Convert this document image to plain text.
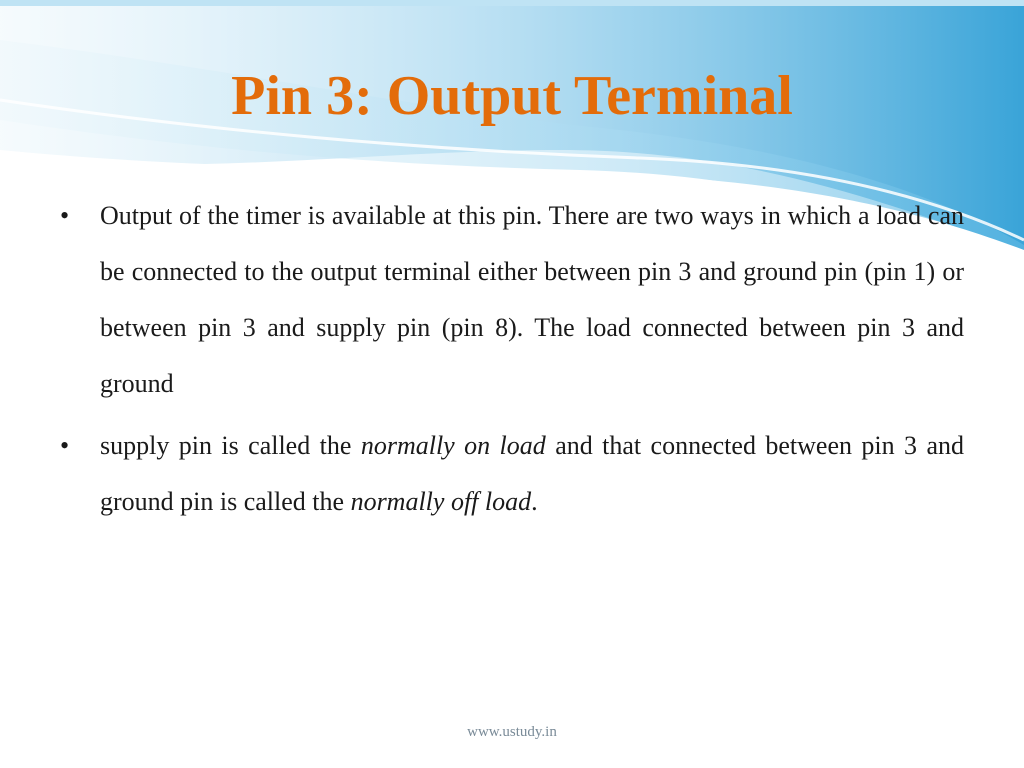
Pin 3: Output Terminal
• Output of the timer is available at this pin. There are two ways in which a load can be connected to the output terminal either between pin 3 and ground pin (pin 1) or between pin 3 and supply pin (pin 8). The load connected between pin 3 and ground
• supply pin is called the normally on load and that connected between pin 3 and ground pin is called the normally off load.
www.ustudy.in
